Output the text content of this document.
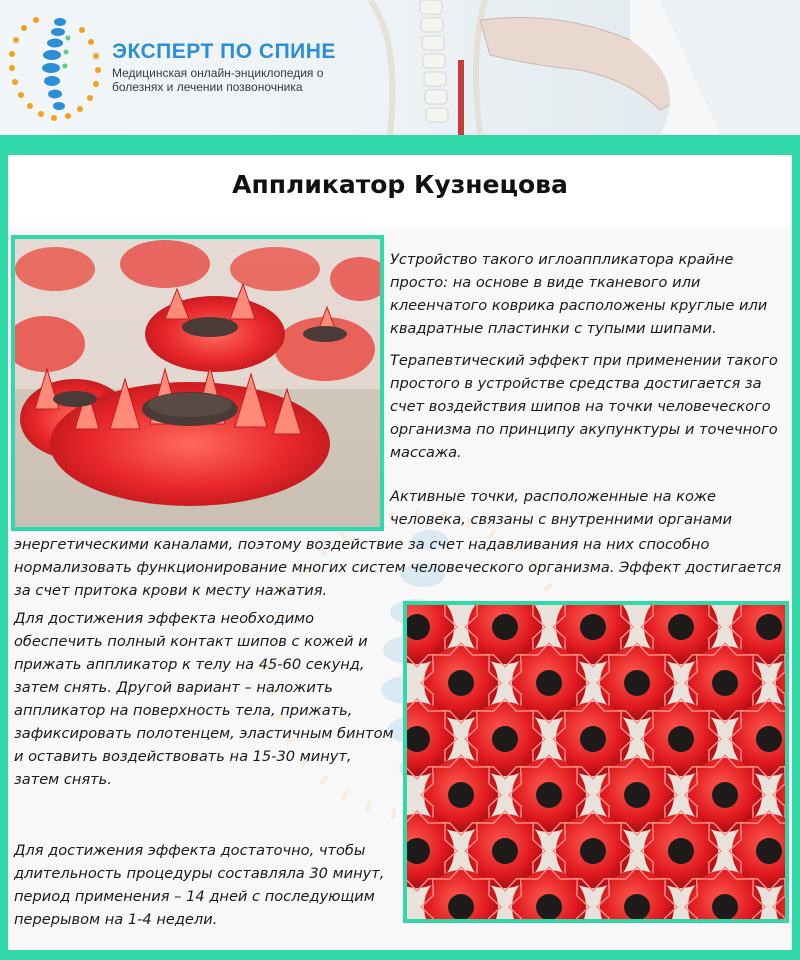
ЭКСПЕРТ ПО СПИНЕ
Медицинская онлайн-энциклопедия о болезнях и лечении позвоночника
Аппликатор Кузнецова

Устройство такого иглоаппликатора крайне просто: на основе в виде тканевого или клеенчатого коврика расположены круглые или квадратные пластинки с тупыми шипами.

Терапевтический эффект при применении такого простого в устройстве средства достигается за счет воздействия шипов на точки человеческого организма по принципу акупунктуры и точечного массажа.

Активные точки, расположенные на коже человека, связаны с внутренними органами

энергетическими каналами, поэтому воздействие за счет надавливания на них способно нормализовать функционирование многих систем человеческого организма. Эффект достигается за счет притока крови к месту нажатия.

Для достижения эффекта необходимо обеспечить полный контакт шипов с кожей и прижать аппликатор к телу на 45-60 секунд, затем снять. Другой вариант – наложить аппликатор на поверхность тела, прижать, зафиксировать полотенцем, эластичным бинтом и оставить воздействовать на 15-30 минут, затем снять.

Для достижения эффекта достаточно, чтобы длительность процедуры составляла 30 минут, период применения – 14 дней с последующим перерывом на 1-4 недели.
